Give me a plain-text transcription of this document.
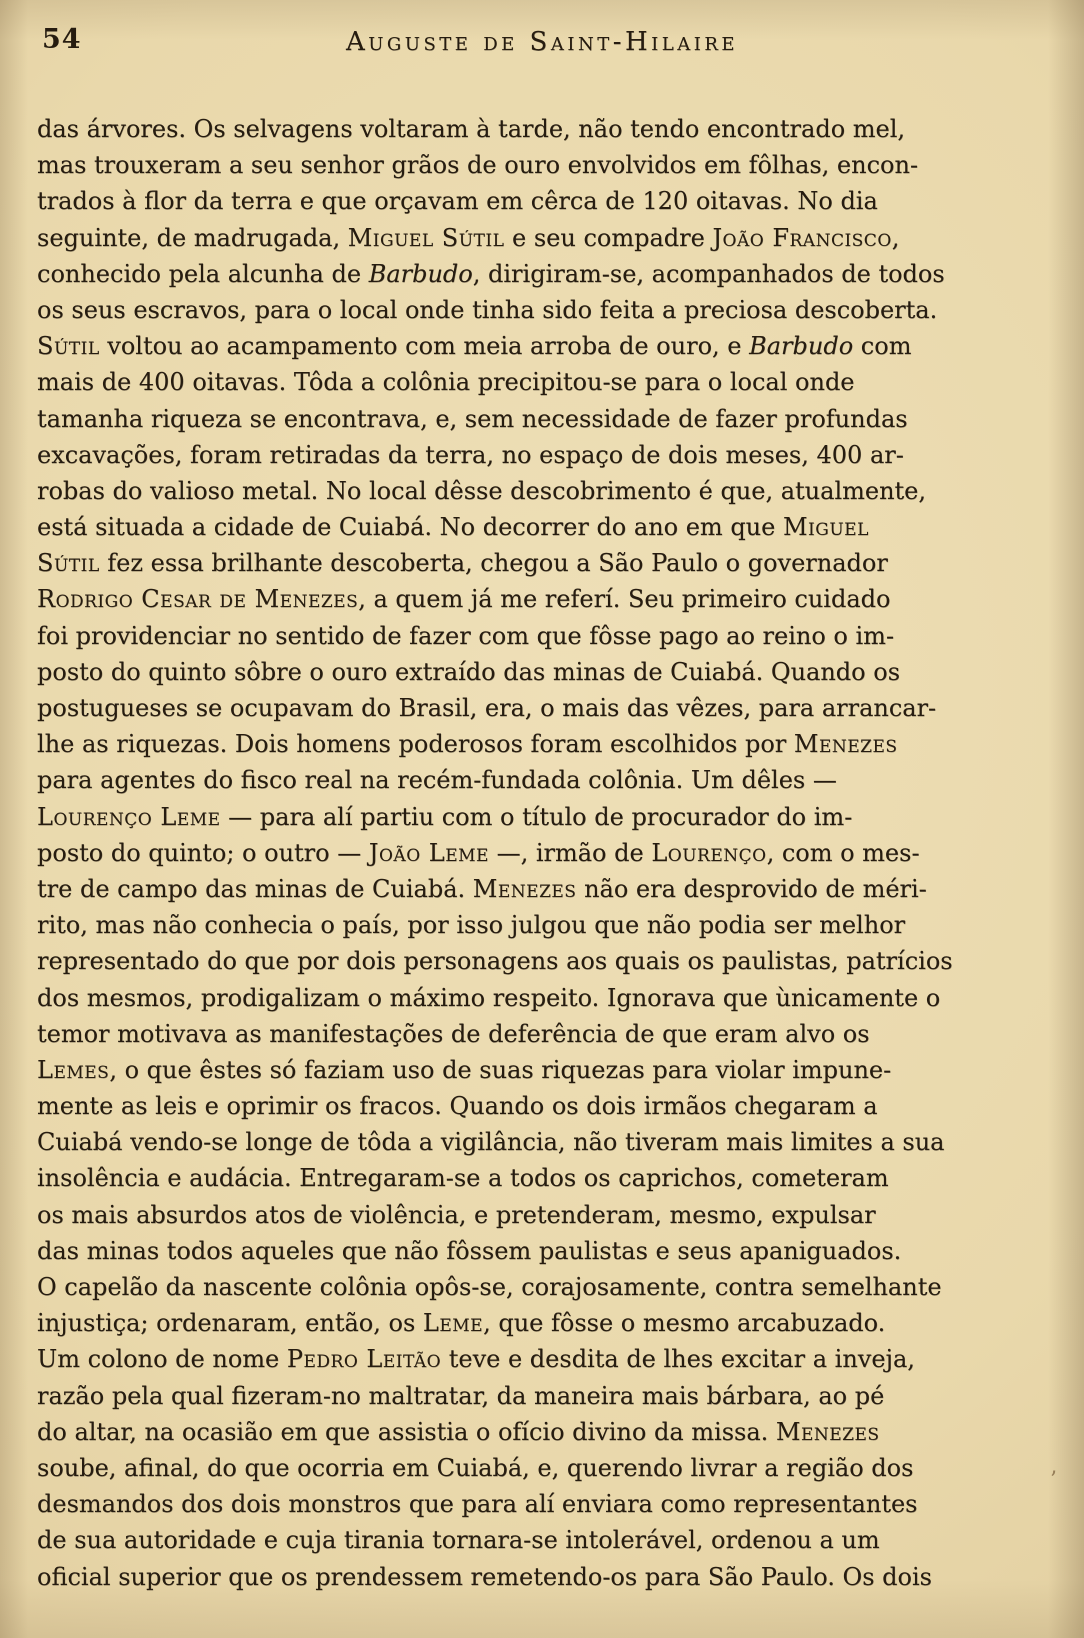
54	Auguste de Saint-Hilaire
das árvores. Os selvagens voltaram à tarde, não tendo encontrado mel,
mas trouxeram a seu senhor grãos de ouro envolvidos em fôlhas, encon-
trados à flor da terra e que orçavam em cêrca de 120 oitavas. No dia
seguinte, de madrugada, Miguel Sútil e seu compadre João Francisco,
conhecido pela alcunha de Barbudo, dirigiram-se, acompanhados de todos
os seus escravos, para o local onde tinha sido feita a preciosa descoberta.
Sútil voltou ao acampamento com meia arroba de ouro, e Barbudo com
mais de 400 oitavas. Tôda a colônia precipitou-se para o local onde
tamanha riqueza se encontrava, e, sem necessidade de fazer profundas
excavações, foram retiradas da terra, no espaço de dois meses, 400 ar-
robas do valioso metal. No local dêsse descobrimento é que, atualmente,
está situada a cidade de Cuiabá. No decorrer do ano em que Miguel
Sútil fez essa brilhante descoberta, chegou a São Paulo o governador
Rodrigo Cesar de Menezes, a quem já me referí. Seu primeiro cuidado
foi providenciar no sentido de fazer com que fôsse pago ao reino o im-
posto do quinto sôbre o ouro extraído das minas de Cuiabá. Quando os
postugueses se ocupavam do Brasil, era, o mais das vêzes, para arrancar-
lhe as riquezas. Dois homens poderosos foram escolhidos por Menezes
para agentes do fisco real na recém-fundada colônia. Um dêles —
Lourenço Leme — para alí partiu com o título de procurador do im-
posto do quinto; o outro — João Leme —, irmão de Lourenço, com o mes-
tre de campo das minas de Cuiabá. Menezes não era desprovido de méri-
rito, mas não conhecia o país, por isso julgou que não podia ser melhor
representado do que por dois personagens aos quais os paulistas, patrícios
dos mesmos, prodigalizam o máximo respeito. Ignorava que ùnicamente o
temor motivava as manifestações de deferência de que eram alvo os
Lemes, o que êstes só faziam uso de suas riquezas para violar impune-
mente as leis e oprimir os fracos. Quando os dois irmãos chegaram a
Cuiabá vendo-se longe de tôda a vigilância, não tiveram mais limites a sua
insolência e audácia. Entregaram-se a todos os caprichos, cometeram
os mais absurdos atos de violência, e pretenderam, mesmo, expulsar
das minas todos aqueles que não fôssem paulistas e seus apaniguados.
O capelão da nascente colônia opôs-se, corajosamente, contra semelhante
injustiça; ordenaram, então, os Leme, que fôsse o mesmo arcabuzado.
Um colono de nome Pedro Leitão teve e desdita de lhes excitar a inveja,
razão pela qual fizeram-no maltratar, da maneira mais bárbara, ao pé
do altar, na ocasião em que assistia o ofício divino da missa. Menezes
soube, afinal, do que ocorria em Cuiabá, e, querendo livrar a região dos
desmandos dos dois monstros que para alí enviara como representantes
de sua autoridade e cuja tirania tornara-se intolerável, ordenou a um
oficial superior que os prendessem remetendo-os para São Paulo. Os dois
’
